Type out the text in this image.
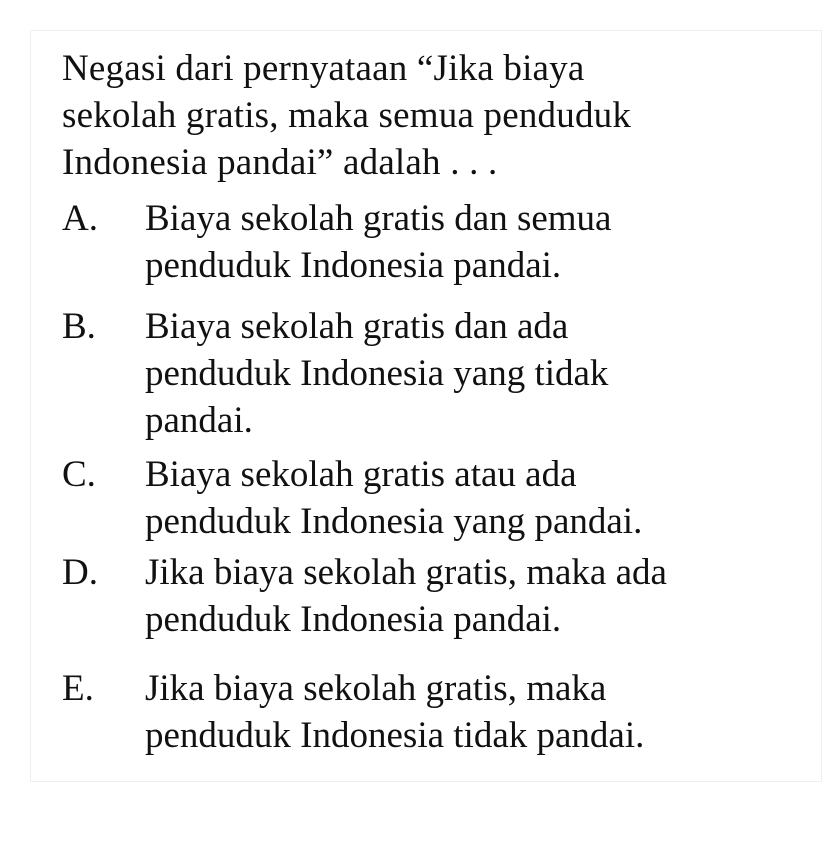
Negasi dari pernyataan “Jika biaya
sekolah gratis, maka semua penduduk
Indonesia pandai” adalah . . .
A.	Biaya sekolah gratis dan semua
penduduk Indonesia pandai.
B.	Biaya sekolah gratis dan ada
penduduk Indonesia yang tidak
pandai.
C.	Biaya sekolah gratis atau ada
penduduk Indonesia yang pandai.
D.	Jika biaya sekolah gratis, maka ada
penduduk Indonesia pandai.
E.	Jika biaya sekolah gratis, maka
penduduk Indonesia tidak pandai.
